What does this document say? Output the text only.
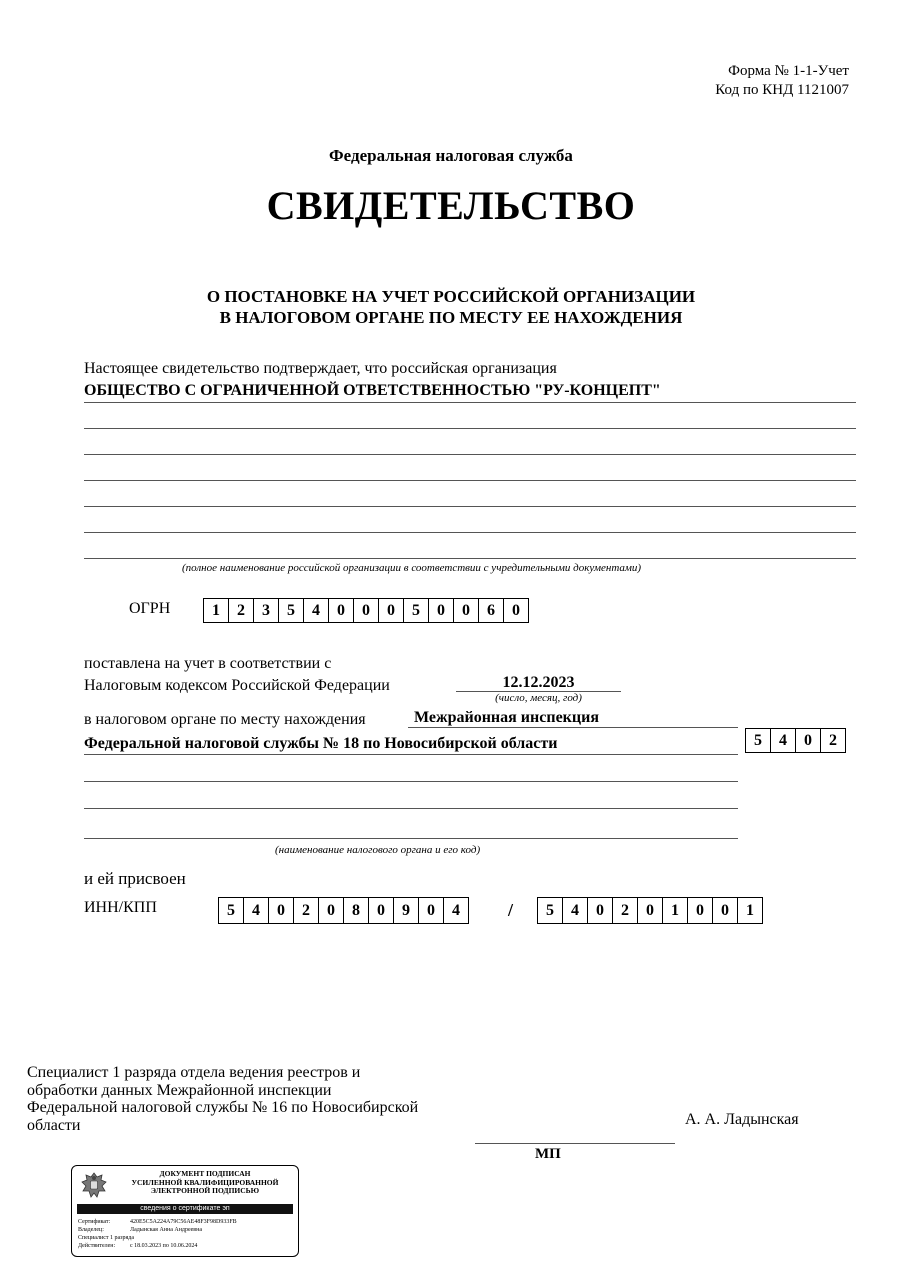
Форма № 1-1-Учет
Код по КНД 1121007
Федеральная налоговая служба
СВИДЕТЕЛЬСТВО
О ПОСТАНОВКЕ НА УЧЕТ РОССИЙСКОЙ ОРГАНИЗАЦИИ
В НАЛОГОВОМ ОРГАНЕ ПО МЕСТУ ЕЕ НАХОЖДЕНИЯ
Настоящее свидетельство подтверждает, что российская организация
ОБЩЕСТВО С ОГРАНИЧЕННОЙ ОТВЕТСТВЕННОСТЬЮ "РУ-КОНЦЕПТ"
(полное наименование российской организации в соответствии с учредительными документами)
ОГРН	1	2	3	5	4	0	0	0	5	0	0	6	0
поставлена на учет в соответствии с
Налоговым кодексом Российской Федерации	12.12.2023
(число, месяц, год)
в налоговом органе по месту нахождения	Межрайонная инспекция
Федеральной налоговой службы № 18 по Новосибирской области	5	4	0	2
(наименование налогового органа и его код)
и ей присвоен
ИНН/КПП	5	4	0	2	0	8	0	9	0	4	/	5	4	0	2	0	1	0	0	1
Специалист 1 разряда отдела ведения реестров и
обработки данных Межрайонной инспекции
Федеральной налоговой службы № 16 по Новосибирской
области	А. А. Ладынская
МП
ДОКУМЕНТ ПОДПИСАН
УСИЛЕННОЙ КВАЛИФИЦИРОВАННОЙ
ЭЛЕКТРОННОЙ ПОДПИСЬЮ
сведения о сертификате эп
Сертификат:	420E5C5A224A79C56AE48F3F98D933FB
Владелец:	Ладынская Анна Андреевна
Специалист 1 разряда
Действителен: с 18.03.2023 по 10.06.2024
